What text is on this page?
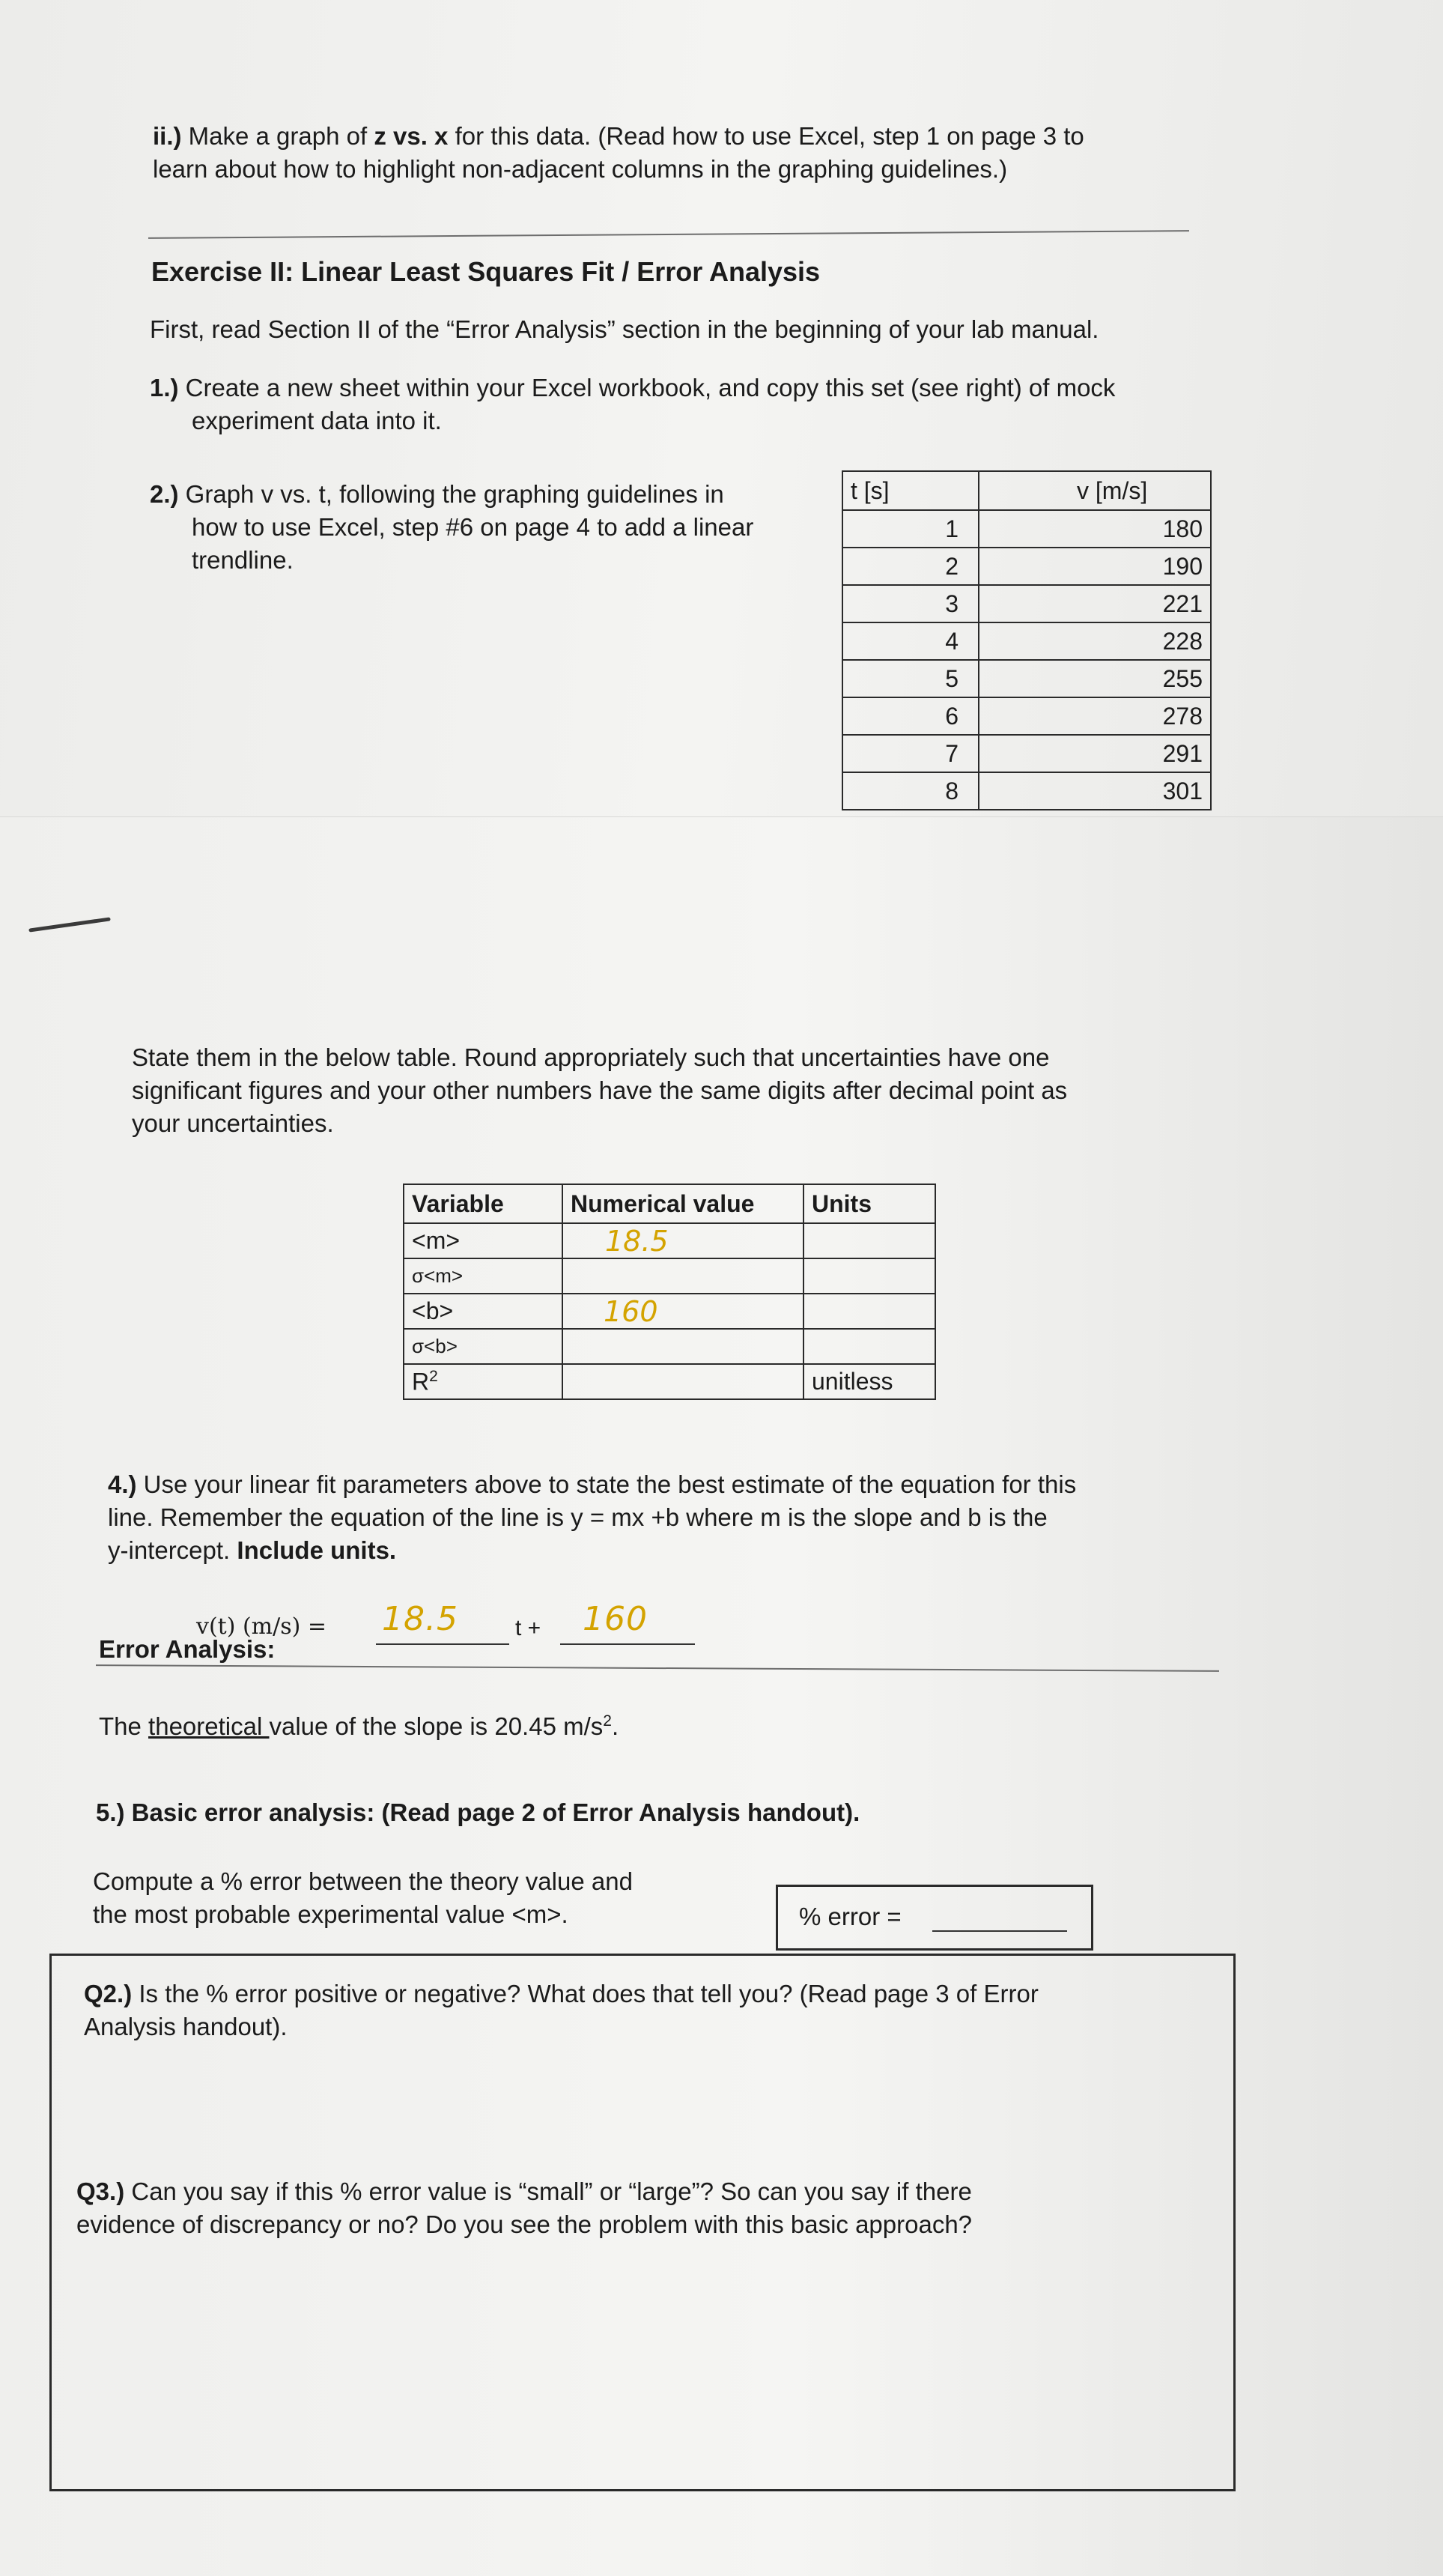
ii.) Make a graph of z vs. x for this data. (Read how to use Excel, step 1 on page 3 to
learn about how to highlight non-adjacent columns in the graphing guidelines.)
Exercise II: Linear Least Squares Fit / Error Analysis
First, read Section II of the “Error Analysis” section in the beginning of your lab manual.
1.) Create a new sheet within your Excel workbook, and copy this set (see right) of mock
experiment data into it.
2.) Graph v vs. t, following the graphing guidelines in
how to use Excel, step #6 on page 4 to add a linear
trendline.
t [s]	v [m/s]
1	180
2	190
3	221
4	228
5	255
6	278
7	291
8	301
State them in the below table. Round appropriately such that uncertainties have one
significant figures and your other numbers have the same digits after decimal point as
your uncertainties.
Variable	Numerical value	Units
<m>	18.5	
σ<m>		
<b>	160	
σ<b>		
$R^2$		unitless
4.) Use your linear fit parameters above to state the best estimate of the equation for this
line. Remember the equation of the line is y = mx +b where m is the slope and b is the
y-intercept. Include units.
v(t) (m/s) = 18.5	t + 160
Error Analysis:
The theoretical value of the slope is 20.45 $m/s^2$.
5.) Basic error analysis: (Read page 2 of Error Analysis handout).
Compute a % error between the theory value and
the most probable experimental value <m>.	% error =
Q2.) Is the % error positive or negative? What does that tell you? (Read page 3 of Error
Analysis handout).
Q3.) Can you say if this % error value is “small” or “large”? So can you say if there
evidence of discrepancy or no? Do you see the problem with this basic approach?
